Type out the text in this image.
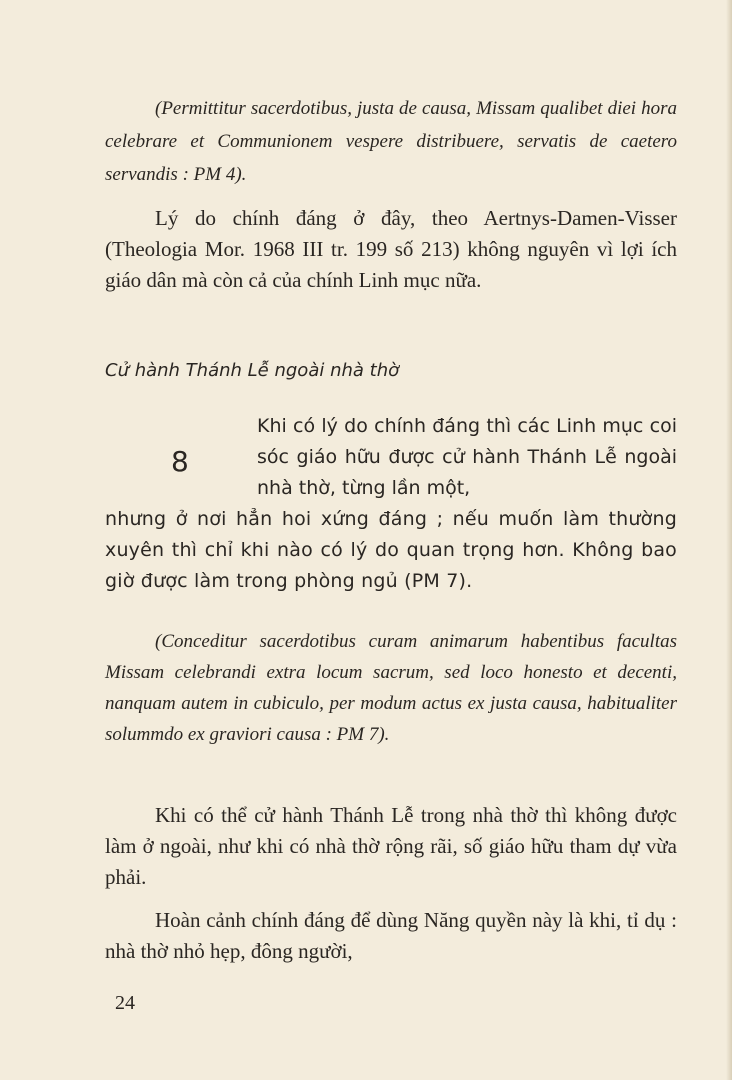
(Permittitur sacerdotibus, justa de causa, Missam qualibet diei hora celebrare et Communionem vespere distribuere, servatis de caetero servandis : PM 4).

Lý do chính đáng ở đây, theo Aertnys-Damen-Visser (Theologia Mor. 1968 III tr. 199 số 213) không nguyên vì lợi ích giáo dân mà còn cả của chính Linh mục nữa.

Cử hành Thánh Lễ ngoài nhà thờ

8
Khi có lý do chính đáng thì các Linh mục coi sóc giáo hữu được cử hành Thánh Lễ ngoài nhà thờ, từng lần một,
nhưng ở nơi hẳn hoi xứng đáng ; nếu muốn làm thường xuyên thì chỉ khi nào có lý do quan trọng hơn. Không bao giờ được làm trong phòng ngủ (PM 7).

(Conceditur sacerdotibus curam animarum habentibus facultas Missam celebrandi extra locum sacrum, sed loco honesto et decenti, nanquam autem in cubiculo, per modum actus ex justa causa, habitualiter solummdo ex graviori causa : PM 7).

Khi có thể cử hành Thánh Lễ trong nhà thờ thì không được làm ở ngoài, như khi có nhà thờ rộng rãi, số giáo hữu tham dự vừa phải.

Hoàn cảnh chính đáng để dùng Năng quyền này là khi, tỉ dụ : nhà thờ nhỏ hẹp, đông người,

24
